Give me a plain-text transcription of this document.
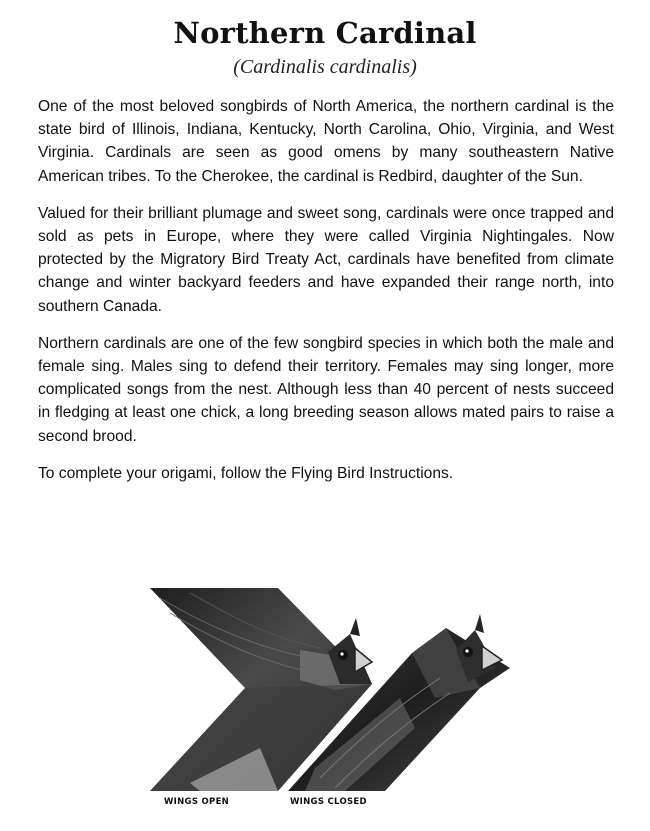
Northern Cardinal
(Cardinalis cardinalis)

One of the most beloved songbirds of North America, the northern cardinal is the state bird of Illinois, Indiana, Kentucky, North Carolina, Ohio, Virginia, and West Virginia. Cardinals are seen as good omens by many southeastern Native American tribes. To the Cherokee, the cardinal is Redbird, daughter of the Sun.

Valued for their brilliant plumage and sweet song, cardinals were once trapped and sold as pets in Europe, where they were called Virginia Nightingales. Now protected by the Migratory Bird Treaty Act, cardinals have benefited from climate change and winter backyard feeders and have expanded their range north, into southern Canada.

Northern cardinals are one of the few songbird species in which both the male and female sing. Males sing to defend their territory. Females may sing longer, more complicated songs from the nest. Although less than 40 percent of nests succeed in fledging at least one chick, a long breeding season allows mated pairs to raise a second brood.

To complete your origami, follow the Flying Bird Instructions.

WINGS OPEN	WINGS CLOSED
